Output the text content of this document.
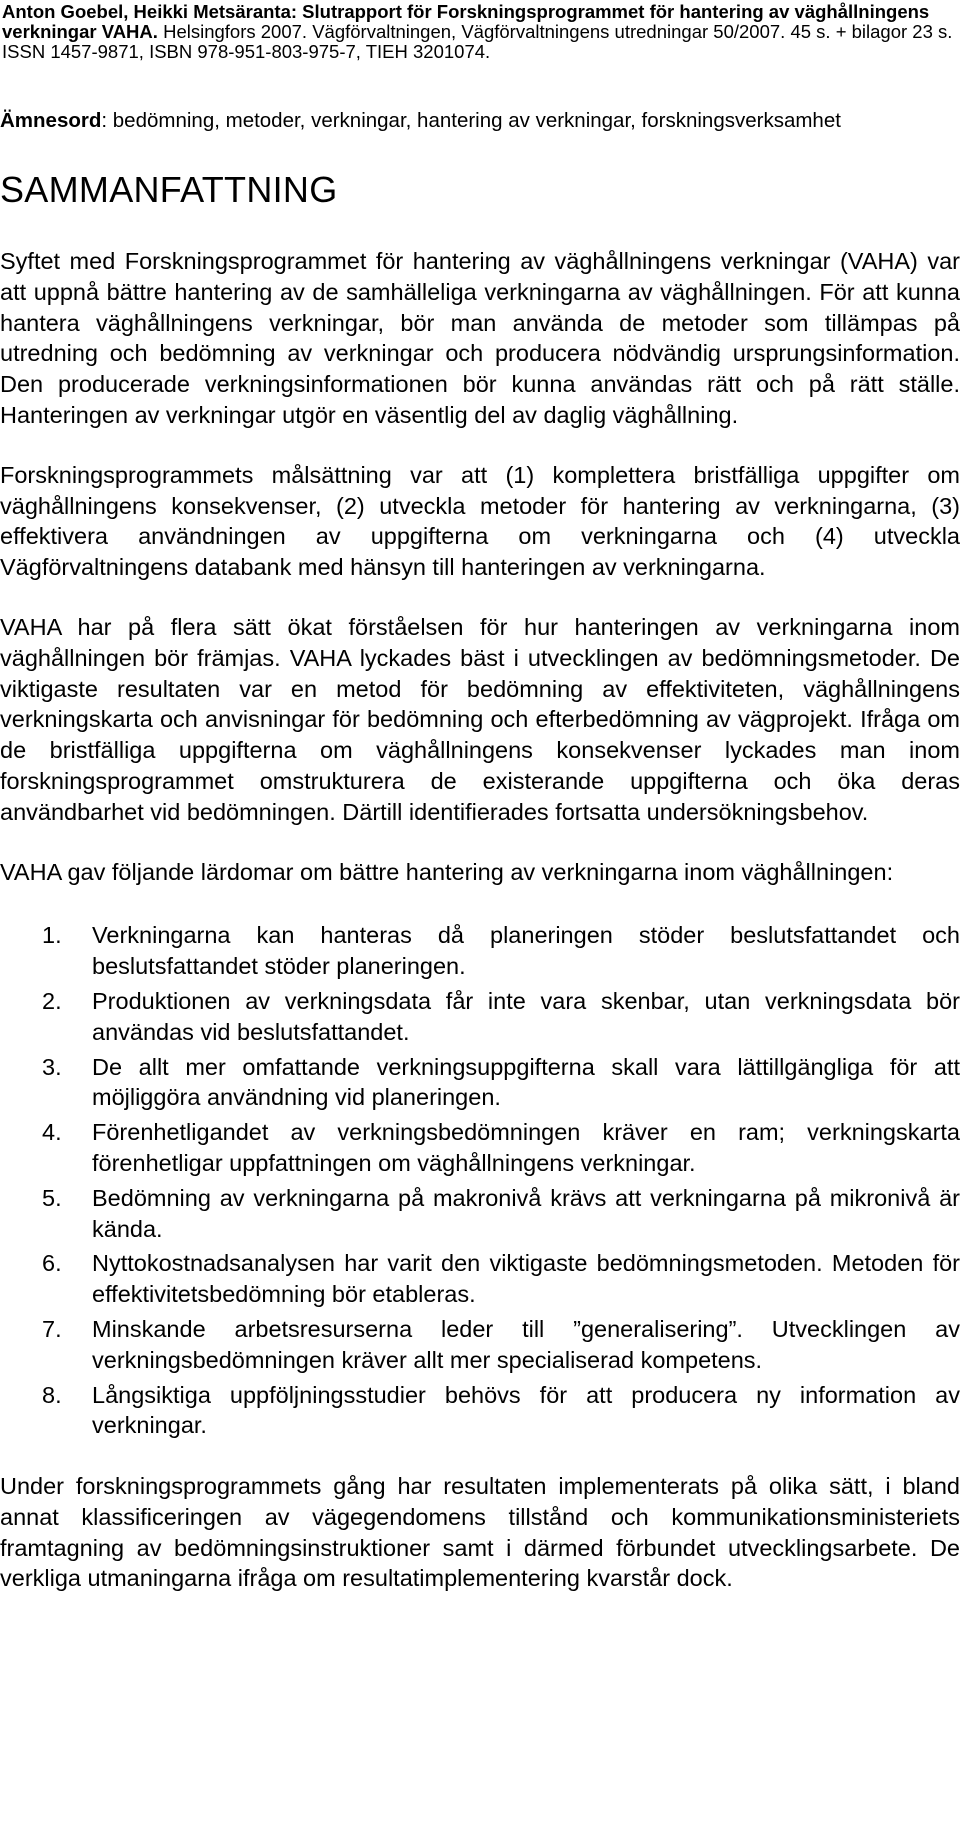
Anton Goebel, Heikki Metsäranta: Slutrapport för Forskningsprogrammet för hantering av väghållningens verkningar VAHA. Helsingfors 2007. Vägförvaltningen, Vägförvaltningens utredningar 50/2007. 45 s. + bilagor 23 s. ISSN 1457-9871, ISBN 978-951-803-975-7, TIEH 3201074.
Ämnesord: bedömning, metoder, verkningar, hantering av verkningar, forskningsverksamhet
SAMMANFATTNING

Syftet med Forskningsprogrammet för hantering av väghållningens verkningar (VAHA) var att uppnå bättre hantering av de samhälleliga verkningarna av väghållningen. För att kunna hantera väghållningens verkningar, bör man använda de metoder som tillämpas på utredning och bedömning av verkningar och producera nödvändig ursprungsinformation. Den producerade verkningsinformationen bör kunna användas rätt och på rätt ställe. Hanteringen av verkningar utgör en väsentlig del av daglig väghållning.

Forskningsprogrammets målsättning var att (1) komplettera bristfälliga uppgifter om väghållningens konsekvenser, (2) utveckla metoder för hantering av verkningarna, (3) effektivera användningen av uppgifterna om verkningarna och (4) utveckla Vägförvaltningens databank med hänsyn till hanteringen av verkningarna.

VAHA har på flera sätt ökat förståelsen för hur hanteringen av verkningarna inom väghållningen bör främjas. VAHA lyckades bäst i utvecklingen av bedömningsmetoder. De viktigaste resultaten var en metod för bedömning av effektiviteten, väghållningens verkningskarta och anvisningar för bedömning och efterbedömning av vägprojekt. Ifråga om de bristfälliga uppgifterna om väghållningens konsekvenser lyckades man inom forskningsprogrammet omstrukturera de existerande uppgifterna och öka deras användbarhet vid bedömningen. Därtill identifierades fortsatta undersökningsbehov.

VAHA gav följande lärdomar om bättre hantering av verkningarna inom väghållningen:

1.	Verkningarna kan hanteras då planeringen stöder beslutsfattandet och beslutsfattandet stöder planeringen.
2.	Produktionen av verkningsdata får inte vara skenbar, utan verkningsdata bör användas vid beslutsfattandet.
3.	De allt mer omfattande verkningsuppgifterna skall vara lättillgängliga för att möjliggöra användning vid planeringen.
4.	Förenhetligandet av verkningsbedömningen kräver en ram; verkningskarta förenhetligar uppfattningen om väghållningens verkningar.
5.	Bedömning av verkningarna på makronivå krävs att verkningarna på mikronivå är kända.
6.	Nyttokostnadsanalysen har varit den viktigaste bedömningsmetoden. Metoden för effektivitetsbedömning bör etableras.
7.	Minskande arbetsresurserna leder till ”generalisering”. Utvecklingen av verkningsbedömningen kräver allt mer specialiserad kompetens.
8.	Långsiktiga uppföljningsstudier behövs för att producera ny information av verkningar.

Under forskningsprogrammets gång har resultaten implementerats på olika sätt, i bland annat klassificeringen av vägegendomens tillstånd och kommunikationsministeriets framtagning av bedömningsinstruktioner samt i därmed förbundet utvecklingsarbete. De verkliga utmaningarna ifråga om resultatimplementering kvarstår dock.
